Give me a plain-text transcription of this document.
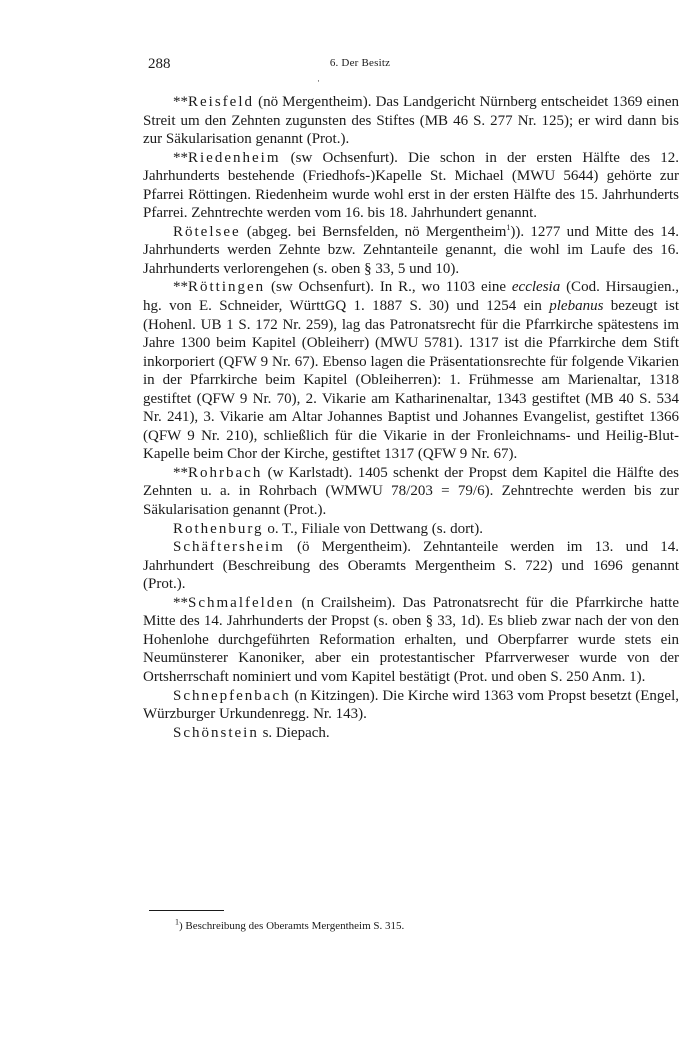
288	6. Der Besitz
·

**Reisfeld (nö Mergentheim). Das Landgericht Nürnberg entscheidet 1369 einen Streit um den Zehnten zugunsten des Stiftes (MB 46 S. 277 Nr. 125); er wird dann bis zur Säkularisation genannt (Prot.).

**Riedenheim (sw Ochsenfurt). Die schon in der ersten Hälfte des 12. Jahrhunderts bestehende (Friedhofs-)Kapelle St. Michael (MWU 5644) gehörte zur Pfarrei Röttingen. Riedenheim wurde wohl erst in der ersten Hälfte des 15. Jahrhunderts Pfarrei. Zehntrechte werden vom 16. bis 18. Jahrhundert genannt.

Rötelsee (abgeg. bei Bernsfelden, nö Mergentheim$^1$)). 1277 und Mitte des 14. Jahrhunderts werden Zehnte bzw. Zehntanteile genannt, die wohl im Laufe des 16. Jahrhunderts verlorengehen (s. oben § 33, 5 und 10).

**Röttingen (sw Ochsenfurt). In R., wo 1103 eine ecclesia (Cod. Hirsaugien., hg. von E. Schneider, WürttGQ 1. 1887 S. 30) und 1254 ein plebanus bezeugt ist (Hohenl. UB 1 S. 172 Nr. 259), lag das Patronatsrecht für die Pfarrkirche spätestens im Jahre 1300 beim Kapitel (Obleiherr) (MWU 5781). 1317 ist die Pfarrkirche dem Stift inkorporiert (QFW 9 Nr. 67). Ebenso lagen die Präsentationsrechte für folgende Vikarien in der Pfarrkirche beim Kapitel (Obleiherren): 1. Frühmesse am Marienaltar, 1318 gestiftet (QFW 9 Nr. 70), 2. Vikarie am Katharinenaltar, 1343 gestiftet (MB 40 S. 534 Nr. 241), 3. Vikarie am Altar Johannes Baptist und Johannes Evangelist, gestiftet 1366 (QFW 9 Nr. 210), schließlich für die Vikarie in der Fronleichnams- und Heilig-Blut-Kapelle beim Chor der Kirche, gestiftet 1317 (QFW 9 Nr. 67).

**Rohrbach (w Karlstadt). 1405 schenkt der Propst dem Kapitel die Hälfte des Zehnten u. a. in Rohrbach (WMWU 78/203 = 79/6). Zehntrechte werden bis zur Säkularisation genannt (Prot.).

Rothenburg o. T., Filiale von Dettwang (s. dort).

Schäftersheim (ö Mergentheim). Zehntanteile werden im 13. und 14. Jahrhundert (Beschreibung des Oberamts Mergentheim S. 722) und 1696 genannt (Prot.).

**Schmalfelden (n Crailsheim). Das Patronatsrecht für die Pfarrkirche hatte Mitte des 14. Jahrhunderts der Propst (s. oben § 33, 1d). Es blieb zwar nach der von den Hohenlohe durchgeführten Reformation erhalten, und Oberpfarrer wurde stets ein Neumünsterer Kanoniker, aber ein protestantischer Pfarrverweser wurde von der Ortsherrschaft nominiert und vom Kapitel bestätigt (Prot. und oben S. 250 Anm. 1).

Schnepfenbach (n Kitzingen). Die Kirche wird 1363 vom Propst besetzt (Engel, Würzburger Urkundenregg. Nr. 143).

Schönstein s. Diepach.

$^1$) Beschreibung des Oberamts Mergentheim S. 315.
